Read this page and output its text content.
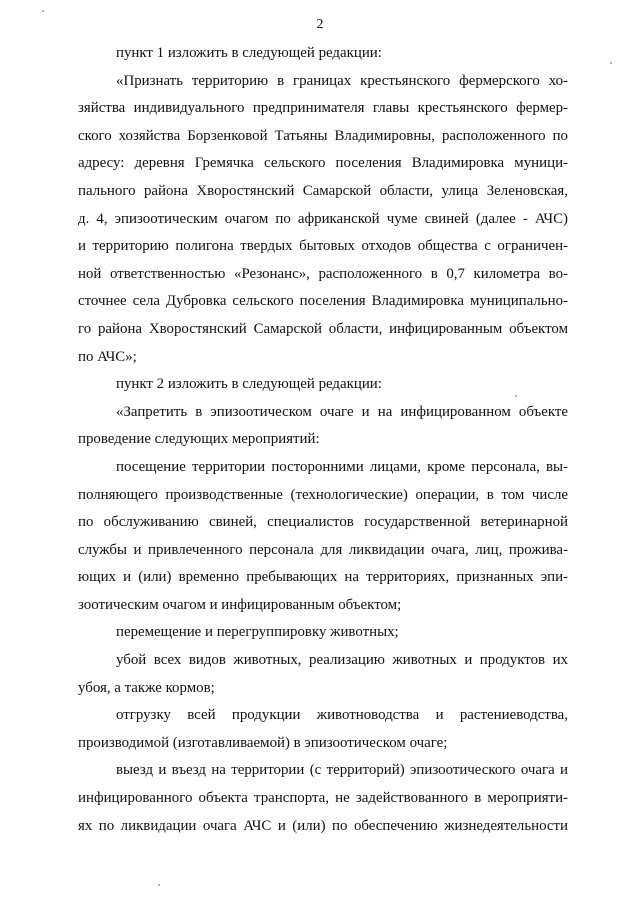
2
пункт 1 изложить в следующей редакции:
«Признать территорию в границах крестьянского фермерского хо-
зяйства индивидуального предпринимателя главы крестьянского фермер-
ского хозяйства Борзенковой Татьяны Владимировны, расположенного по
адресу: деревня Гремячка сельского поселения Владимировка муници-
пального района Хворостянский Самарской области, улица Зеленовская,
д. 4, эпизоотическим очагом по африканской чуме свиней (далее - АЧС)
и территорию полигона твердых бытовых отходов общества с ограничен-
ной ответственностью «Резонанс», расположенного в 0,7 километра во-
сточнее села Дубровка сельского поселения Владимировка муниципально-
го района Хворостянский Самарской области, инфицированным объектом
по АЧС»;
пункт 2 изложить в следующей редакции:
«Запретить в эпизоотическом очаге и на инфицированном объекте
проведение следующих мероприятий:
посещение территории посторонними лицами, кроме персонала, вы-
полняющего производственные (технологические) операции, в том числе
по обслуживанию свиней, специалистов государственной ветеринарной
службы и привлеченного персонала для ликвидации очага, лиц, прожива-
ющих и (или) временно пребывающих на территориях, признанных эпи-
зоотическим очагом и инфицированным объектом;
перемещение и перегруппировку животных;
убой всех видов животных, реализацию животных и продуктов их
убоя, а также кормов;
отгрузку всей продукции животноводства и растениеводства,
производимой (изготавливаемой) в эпизоотическом очаге;
выезд и въезд на территории (с территорий) эпизоотического очага и
инфицированного объекта транспорта, не задействованного в мероприяти-
ях по ликвидации очага АЧС и (или) по обеспечению жизнедеятельности
